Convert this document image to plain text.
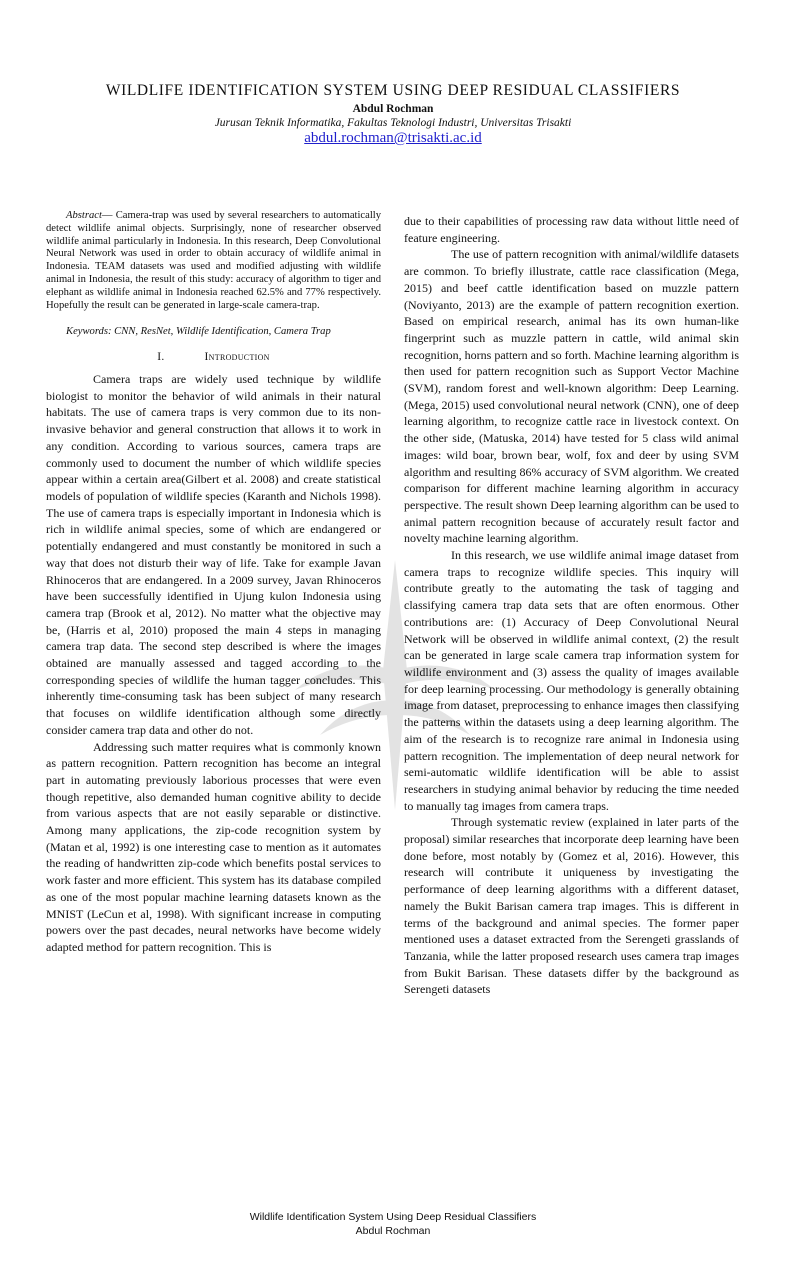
WILDLIFE IDENTIFICATION SYSTEM USING DEEP RESIDUAL CLASSIFIERS
Abdul Rochman
Jurusan Teknik Informatika, Fakultas Teknologi Industri, Universitas Trisakti
abdul.rochman@trisakti.ac.id

Abstract— Camera-trap was used by several researchers to automatically detect wildlife animal objects. Surprisingly, none of researcher observed wildlife animal particularly in Indonesia. In this research, Deep Convolutional Neural Network was used in order to obtain accuracy of wildlife animal in Indonesia. TEAM datasets was used and modified adjusting with wildlife animal in Indonesia, the result of this study: accuracy of algorithm to tiger and elephant as wildlife animal in Indonesia reached 62.5% and 77% respectively. Hopefully the result can be generated in large-scale camera-trap.

Keywords: CNN, ResNet, Wildlife Identification, Camera Trap

I.	Introduction

Camera traps are widely used technique by wildlife biologist to monitor the behavior of wild animals in their natural habitats. The use of camera traps is very common due to its non-invasive behavior and general construction that allows it to work in any condition. According to various sources, camera traps are commonly used to document the number of which wildlife species appear within a certain area(Gilbert et al. 2008) and create statistical models of population of wildlife species (Karanth and Nichols 1998). The use of camera traps is especially important in Indonesia which is rich in wildlife animal species, some of which are endangered or potentially endangered and must constantly be monitored in such a way that does not disturb their way of life. Take for example Javan Rhinoceros that are endangered. In a 2009 survey, Javan Rhinoceros have been successfully identified in Ujung kulon Indonesia using camera trap (Brook et al, 2012). No matter what the objective may be, (Harris et al, 2010) proposed the main 4 steps in managing camera trap data. The second step described is where the images obtained are manually assessed and tagged according to the corresponding species of wildlife the human tagger concludes. This inherently time-consuming task has been subject of many research that focuses on wildlife identification although some directly consider camera trap data and other do not.

Addressing such matter requires what is commonly known as pattern recognition. Pattern recognition has become an integral part in automating previously laborious processes that were even though repetitive, also demanded human cognitive ability to decide from various aspects that are not easily separable or distinctive. Among many applications, the zip-code recognition system by (Matan et al, 1992) is one interesting case to mention as it automates the reading of handwritten zip-code which benefits postal services to work faster and more efficient. This system has its database compiled as one of the most popular machine learning datasets known as the MNIST (LeCun et al, 1998). With significant increase in computing powers over the past decades, neural networks have become widely adapted method for pattern recognition. This is

due to their capabilities of processing raw data without little need of feature engineering.

The use of pattern recognition with animal/wildlife datasets are common. To briefly illustrate, cattle race classification (Mega, 2015) and beef cattle identification based on muzzle pattern (Noviyanto, 2013) are the example of pattern recognition exertion. Based on empirical research, animal has its own human-like fingerprint such as muzzle pattern in cattle, wild animal skin recognition, horns pattern and so forth. Machine learning algorithm is then used for pattern recognition such as Support Vector Machine (SVM), random forest and well-known algorithm: Deep Learning. (Mega, 2015) used convolutional neural network (CNN), one of deep learning algorithm, to recognize cattle race in livestock context. On the other side, (Matuska, 2014) have tested for 5 class wild animal images: wild boar, brown bear, wolf, fox and deer by using SVM algorithm and resulting 86% accuracy of SVM algorithm. We created comparison for different machine learning algorithm in accuracy perspective. The result shown Deep learning algorithm can be used to animal pattern recognition because of accurately result factor and novelty machine learning algorithm.

In this research, we use wildlife animal image dataset from camera traps to recognize wildlife species. This inquiry will contribute greatly to the automating the task of tagging and classifying camera trap data sets that are often enormous. Other contributions are: (1) Accuracy of Deep Convolutional Neural Network will be observed in wildlife animal context, (2) the result can be generated in large scale camera trap information system for wildlife environment and (3) assess the quality of images available for deep learning processing. Our methodology is generally obtaining image from dataset, preprocessing to enhance images then classifying the patterns within the datasets using a deep learning algorithm. The aim of the research is to recognize rare animal in Indonesia using pattern recognition. The implementation of deep neural network for semi-automatic wildlife identification will be able to assist researchers in studying animal behavior by reducing the time needed to manually tag images from camera traps.

Through systematic review (explained in later parts of the proposal) similar researches that incorporate deep learning have been done before, most notably by (Gomez et al, 2016). However, this research will contribute it uniqueness by investigating the performance of deep learning algorithms with a different dataset, namely the Bukit Barisan camera trap images. This is different in terms of the background and animal species. The former paper mentioned uses a dataset extracted from the Serengeti grasslands of Tanzania, while the latter proposed research uses camera trap images from Bukit Barisan. These datasets differ by the background as Serengeti datasets

Wildlife Identification System Using Deep Residual Classifiers
Abdul Rochman
